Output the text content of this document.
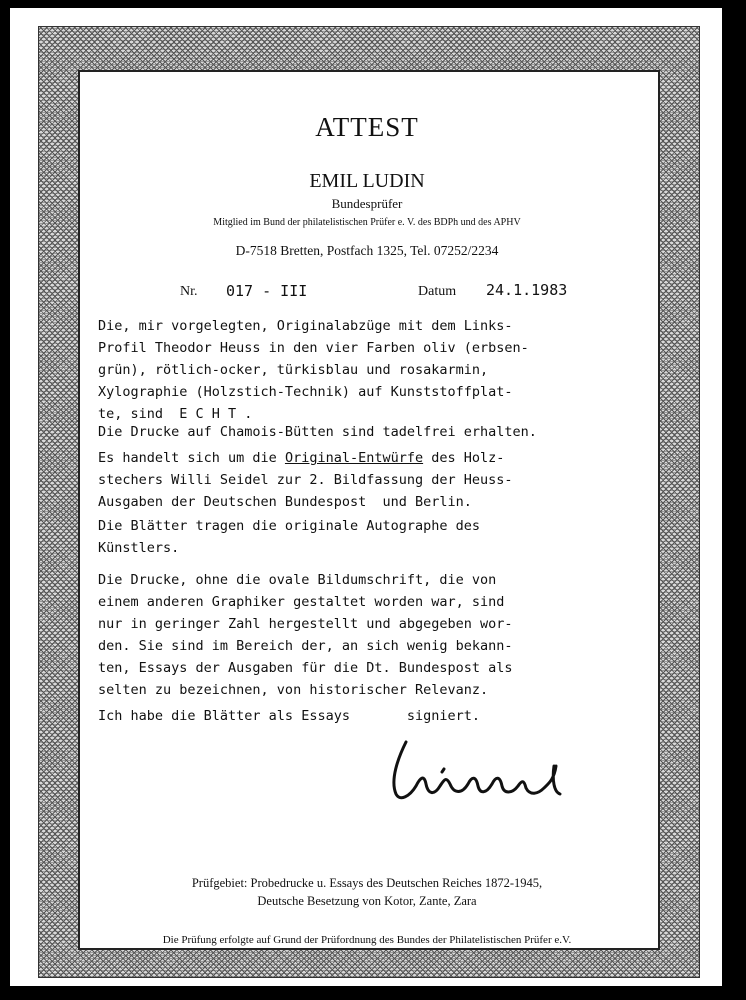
ATTEST
EMIL LUDIN
Bundesprüfer
Mitglied im Bund der philatelistischen Prüfer e. V. des BDPh und des APHV
D-7518 Bretten, Postfach 1325, Tel. 07252/2234
Nr. 017 - III	Datum 24.1.1983
Die, mir vorgelegten, Originalabzüge mit dem Links-
Profil Theodor Heuss in den vier Farben oliv (erbsen-
grün), rötlich-ocker, türkisblau und rosakarmin,
Xylographie (Holzstich-Technik) auf Kunststoffplat-
te, sind  E C H T .
Die Drucke auf Chamois-Bütten sind tadelfrei erhalten.
Es handelt sich um die Original-Entwürfe des Holz-
stechers Willi Seidel zur 2. Bildfassung der Heuss-
Ausgaben der Deutschen Bundespost  und Berlin.
Die Blätter tragen die originale Autographe des
Künstlers.
Die Drucke, ohne die ovale Bildumschrift, die von
einem anderen Graphiker gestaltet worden war, sind
nur in geringer Zahl hergestellt und abgegeben wor-
den. Sie sind im Bereich der, an sich wenig bekann-
ten, Essays der Ausgaben für die Dt. Bundespost als
selten zu bezeichnen, von historischer Relevanz.
Ich habe die Blätter als Essays       signiert.
Prüfgebiet: Probedrucke u. Essays des Deutschen Reiches 1872-1945,
Deutsche Besetzung von Kotor, Zante, Zara
Die Prüfung erfolgte auf Grund der Prüfordnung des Bundes der Philatelistischen Prüfer e.V.
